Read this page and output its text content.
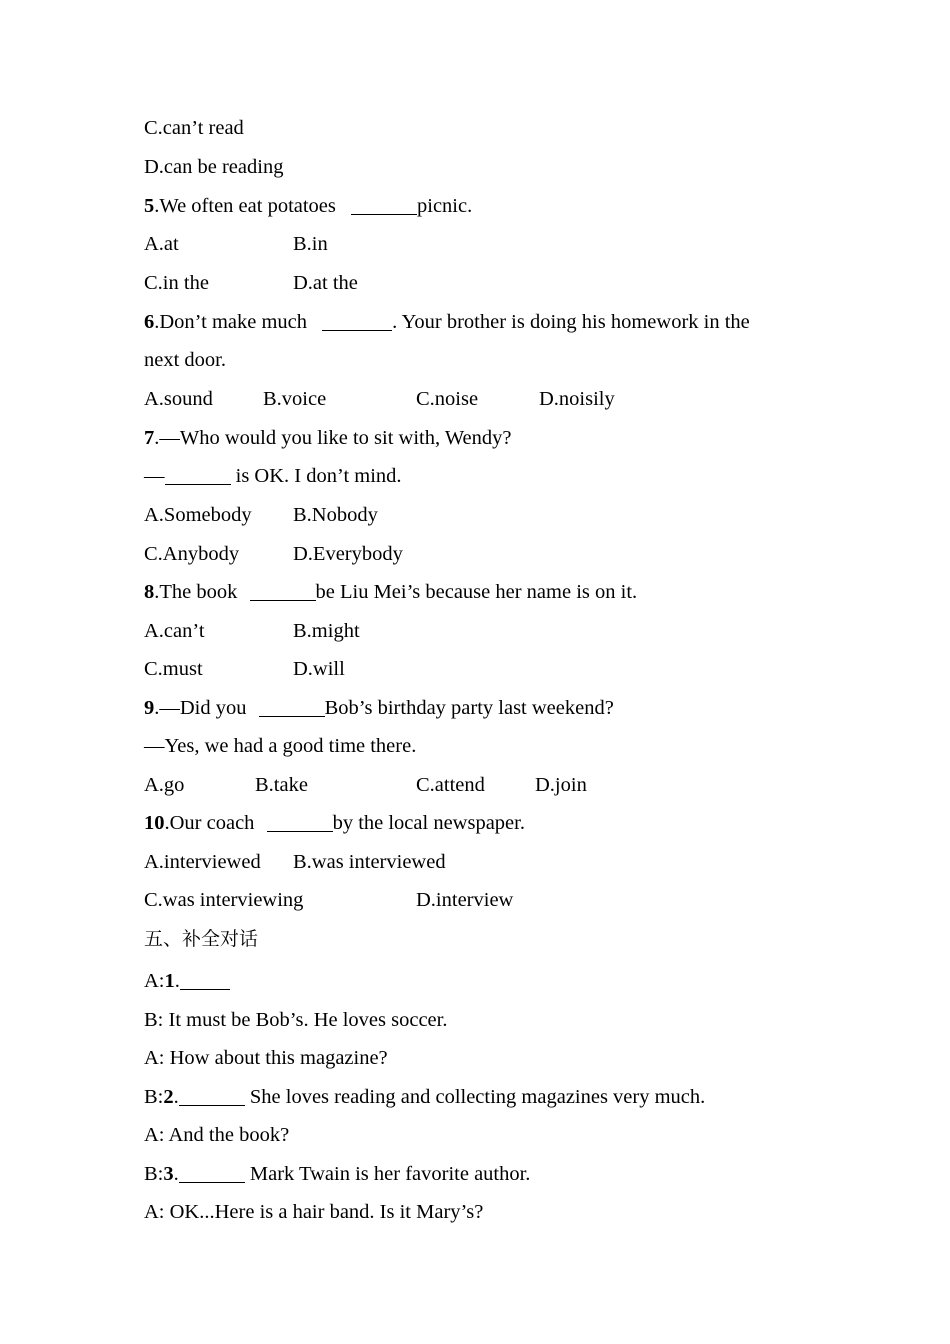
C.can’t read
D.can be reading
5.We often eat potatoes	picnic.
A.at	B.in
C.in the	D.at the
6.Don’t make much	. Your brother is doing his homework in the
next door.
A.sound B.voice	C.noise	D.noisily
7.—Who would you like to sit with, Wendy?
—	is OK. I don’t mind.
A.Somebody B.Nobody
C.Anybody	D.Everybody
8.The book	be Liu Mei’s because her name is on it.
A.can’t	B.might
C.must	D.will
9.—Did you	Bob’s birthday party last weekend?
—Yes, we had a good time there.
A.go	B.take	C.attend D.join
10.Our coach	by the local newspaper.
A.interviewed B.was interviewed
C.was interviewing	D.interview
五、补全对话
A:1.
B: It must be Bob’s. He loves soccer.
A: How about this magazine?
B:2.	She loves reading and collecting magazines very much.
A: And the book?
B:3.	Mark Twain is her favorite author.
A: OK...Here is a hair band. Is it Mary’s?
